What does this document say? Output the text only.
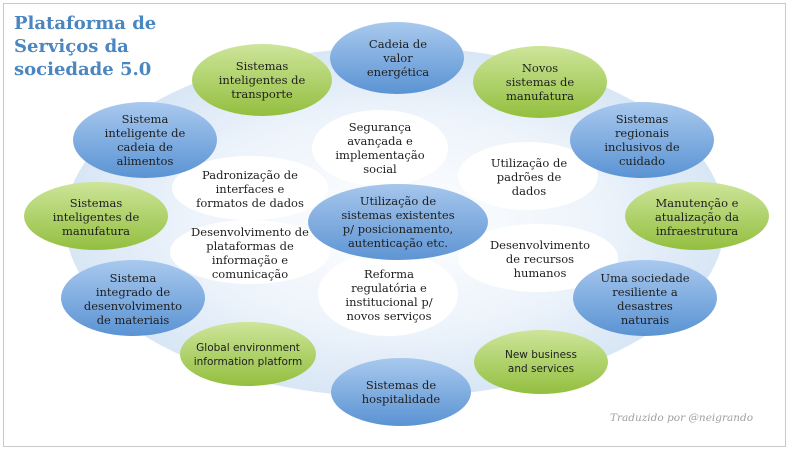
Plataforma de
Serviços da
sociedade 5.0
Utilização de
sistemas existentes
p/ posicionamento,
autenticação etc.
Segurança
avançada e
implementação
social	Utilização de
padrões de
dados
Desenvolvimento
de recursos
humanos
Reforma
regulatória e
institucional p/
novos serviços
Desenvolvimento de
plataformas de
informação e comunicação
Padronização de
interfaces e
formatos de dados
Cadeia de
valor
energética	Novos
sistemas de
manufatura
Sistemas
regionais
inclusivos de
cuidado
Manutenção e
atualização da
infraestrutura
Uma sociedade
resiliente a
desastres
naturais
New business
and services
Sistemas de
hospitalidade
Global environment
information platform
Sistema
integrado de
desenvolvimento
de materiais
Sistemas
inteligentes de
manufatura
Sistema
inteligente de
cadeia de
alimentos
Sistemas
inteligentes de
transporte
Traduzido por @neigrando
